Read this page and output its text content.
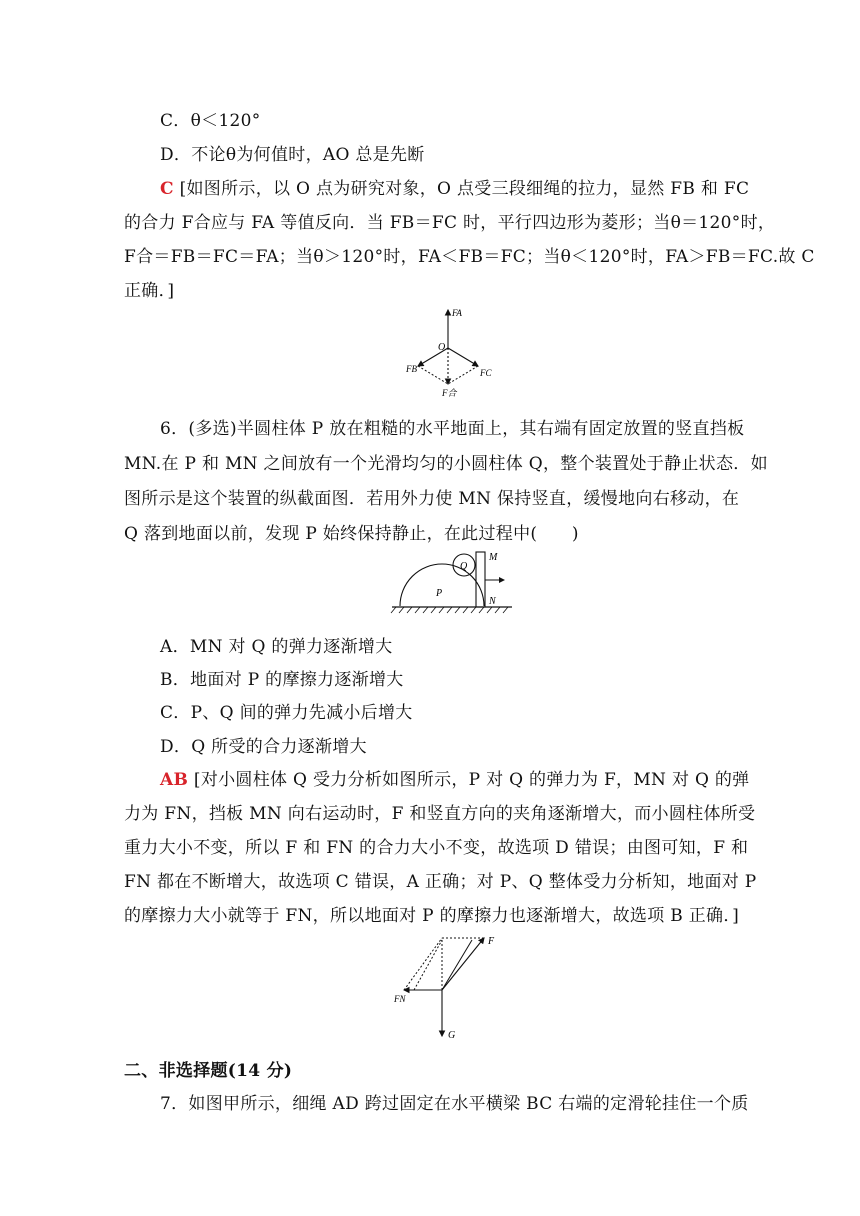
C．θ＜120°
D．不论θ为何值时，AO 总是先断
C [如图所示，以 O 点为研究对象，O 点受三段细绳的拉力，显然 FB 和 FC
的合力 F合应与 FA 等值反向．当 FB＝FC 时，平行四边形为菱形；当θ＝120°时，
F合＝FB＝FC＝FA；当θ＞120°时，FA＜FB＝FC；当θ＜120°时，FA＞FB＝FC.故 C
正确．]
FA
O
FB	FC
F合
6．(多选)半圆柱体 P 放在粗糙的水平地面上，其右端有固定放置的竖直挡板
MN.在 P 和 MN 之间放有一个光滑均匀的小圆柱体 Q，整个装置处于静止状态．如
图所示是这个装置的纵截面图．若用外力使 MN 保持竖直，缓慢地向右移动，在
Q 落到地面以前，发现 P 始终保持静止，在此过程中(　　)
Q
P
M
N
A．MN 对 Q 的弹力逐渐增大
B．地面对 P 的摩擦力逐渐增大
C．P、Q 间的弹力先减小后增大
D．Q 所受的合力逐渐增大
AB [对小圆柱体 Q 受力分析如图所示，P 对 Q 的弹力为 F，MN 对 Q 的弹
力为 FN，挡板 MN 向右运动时，F 和竖直方向的夹角逐渐增大，而小圆柱体所受
重力大小不变，所以 F 和 FN 的合力大小不变，故选项 D 错误；由图可知，F 和
FN 都在不断增大，故选项 C 错误，A 正确；对 P、Q 整体受力分析知，地面对 P
的摩擦力大小就等于 FN，所以地面对 P 的摩擦力也逐渐增大，故选项 B 正确．]
F
FN
G
二、非选择题(14 分)
7．如图甲所示，细绳 AD 跨过固定在水平横梁 BC 右端的定滑轮挂住一个质
